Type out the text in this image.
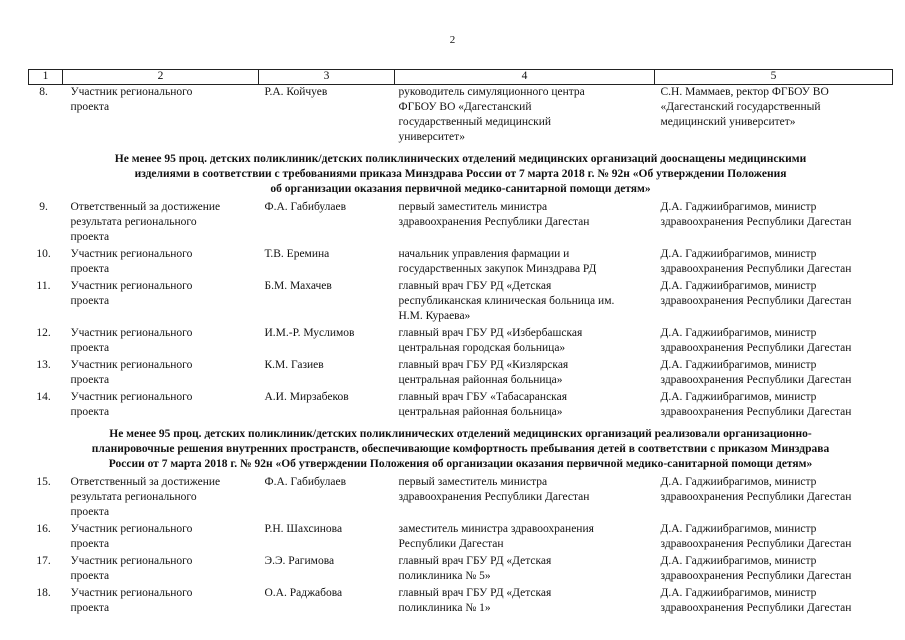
2
1	2	3	4	5
8.	Участник регионального
проекта	Р.А. Койчуев	руководитель симуляционного центра
ФГБОУ ВО «Дагестанский
государственный медицинский
университет»	С.Н. Маммаев, ректор ФГБОУ ВО
«Дагестанский государственный
медицинский университет»
Не менее 95 проц. детских поликлиник/детских поликлинических отделений медицинских организаций дооснащены медицинскими
изделиями в соответствии с требованиями приказа Минздрава России от 7 марта 2018 г. № 92н «Об утверждении Положения
об организации оказания первичной медико-санитарной помощи детям»				
9.	Ответственный за достижение
результата регионального
проекта	Ф.А. Габибулаев	первый заместитель министра
здравоохранения Республики Дагестан	Д.А. Гаджиибрагимов, министр
здравоохранения Республики Дагестан
10.	Участник регионального
проекта	Т.В. Еремина	начальник управления фармации и
государственных закупок Минздрава РД	Д.А. Гаджиибрагимов, министр
здравоохранения Республики Дагестан
11.	Участник регионального
проекта	Б.М. Махачев	главный врач ГБУ РД «Детская
республиканская клиническая больница им.
Н.М. Кураева»	Д.А. Гаджиибрагимов, министр
здравоохранения Республики Дагестан
12.	Участник регионального
проекта	И.М.-Р. Муслимов	главный врач ГБУ РД «Избербашская
центральная городская больница»	Д.А. Гаджиибрагимов, министр
здравоохранения Республики Дагестан
13.	Участник регионального
проекта	К.М. Газиев	главный врач ГБУ РД «Кизлярская
центральная районная больница»	Д.А. Гаджиибрагимов, министр
здравоохранения Республики Дагестан
14.	Участник регионального
проекта	А.И. Мирзабеков	главный врач ГБУ «Табасаранская
центральная районная больница»	Д.А. Гаджиибрагимов, министр
здравоохранения Республики Дагестан
Не менее 95 проц. детских поликлиник/детских поликлинических отделений медицинских организаций реализовали организационно-
планировочные решения внутренних пространств, обеспечивающие комфортность пребывания детей в соответствии с приказом Минздрава
России от 7 марта 2018 г. № 92н «Об утверждении Положения об организации оказания первичной медико-санитарной помощи детям»				
15.	Ответственный за достижение
результата регионального
проекта	Ф.А. Габибулаев	первый заместитель министра
здравоохранения Республики Дагестан	Д.А. Гаджиибрагимов, министр
здравоохранения Республики Дагестан
16.	Участник регионального
проекта	Р.Н. Шахсинова	заместитель министра здравоохранения
Республики Дагестан	Д.А. Гаджиибрагимов, министр
здравоохранения Республики Дагестан
17.	Участник регионального
проекта	Э.Э. Рагимова	главный врач ГБУ РД «Детская
поликлиника № 5»	Д.А. Гаджиибрагимов, министр
здравоохранения Республики Дагестан
18.	Участник регионального
проекта	О.А. Раджабова	главный врач ГБУ РД «Детская
поликлиника № 1»	Д.А. Гаджиибрагимов, министр
здравоохранения Республики Дагестан
